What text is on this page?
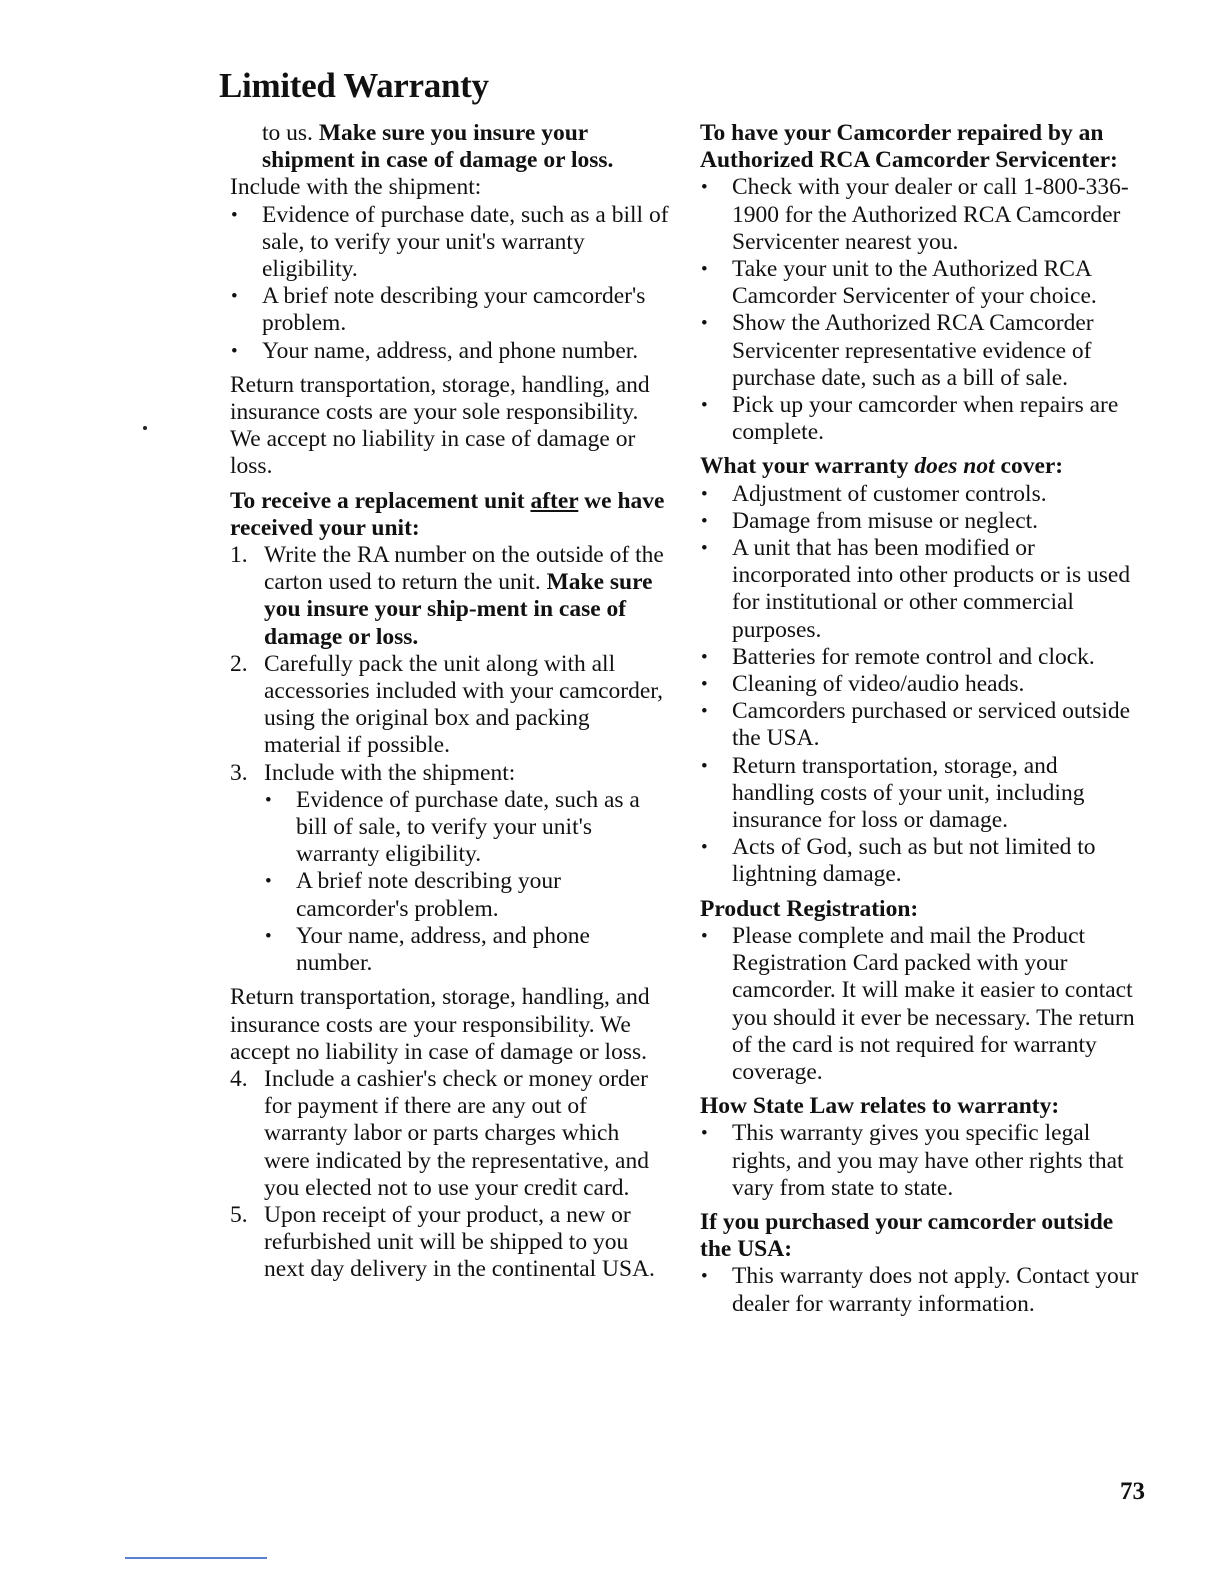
Limited Warranty

to us. Make sure you insure your shipment in case of damage or loss.

Include with the shipment:

• Evidence of purchase date, such as a bill of sale, to verify your unit's warranty eligibility.
• A brief note describing your camcorder's problem.
• Your name, address, and phone number.

Return transportation, storage, handling, and insurance costs are your sole responsibility. We accept no liability in case of damage or loss.

To receive a replacement unit after we have received your unit:

1. Write the RA number on the outside of the carton used to return the unit. Make sure you insure your ship-ment in case of damage or loss.
2. Carefully pack the unit along with all accessories included with your camcorder, using the original box and packing material if possible.
3. Include with the shipment:
• Evidence of purchase date, such as a bill of sale, to verify your unit's warranty eligibility.
• A brief note describing your camcorder's problem.
• Your name, address, and phone number.

Return transportation, storage, handling, and insurance costs are your responsibility. We accept no liability in case of damage or loss.

4. Include a cashier's check or money order for payment if there are any out of warranty labor or parts charges which were indicated by the representative, and you elected not to use your credit card.
5. Upon receipt of your product, a new or refurbished unit will be shipped to you next day delivery in the continental USA.

To have your Camcorder repaired by an Authorized RCA Camcorder Servicenter:

• Check with your dealer or call 1-800-336-1900 for the Authorized RCA Camcorder Servicenter nearest you.
• Take your unit to the Authorized RCA Camcorder Servicenter of your choice.
• Show the Authorized RCA Camcorder Servicenter representative evidence of purchase date, such as a bill of sale.
• Pick up your camcorder when repairs are complete.

What your warranty does not cover:

• Adjustment of customer controls.
• Damage from misuse or neglect.
• A unit that has been modified or incorporated into other products or is used for institutional or other commercial purposes.
• Batteries for remote control and clock.
• Cleaning of video/audio heads.
• Camcorders purchased or serviced outside the USA.
• Return transportation, storage, and handling costs of your unit, including insurance for loss or damage.
• Acts of God, such as but not limited to lightning damage.

Product Registration:

• Please complete and mail the Product Registration Card packed with your camcorder. It will make it easier to contact you should it ever be necessary. The return of the card is not required for warranty coverage.

How State Law relates to warranty:

• This warranty gives you specific legal rights, and you may have other rights that vary from state to state.

If you purchased your camcorder outside the USA:

• This warranty does not apply. Contact your dealer for warranty information.
73
